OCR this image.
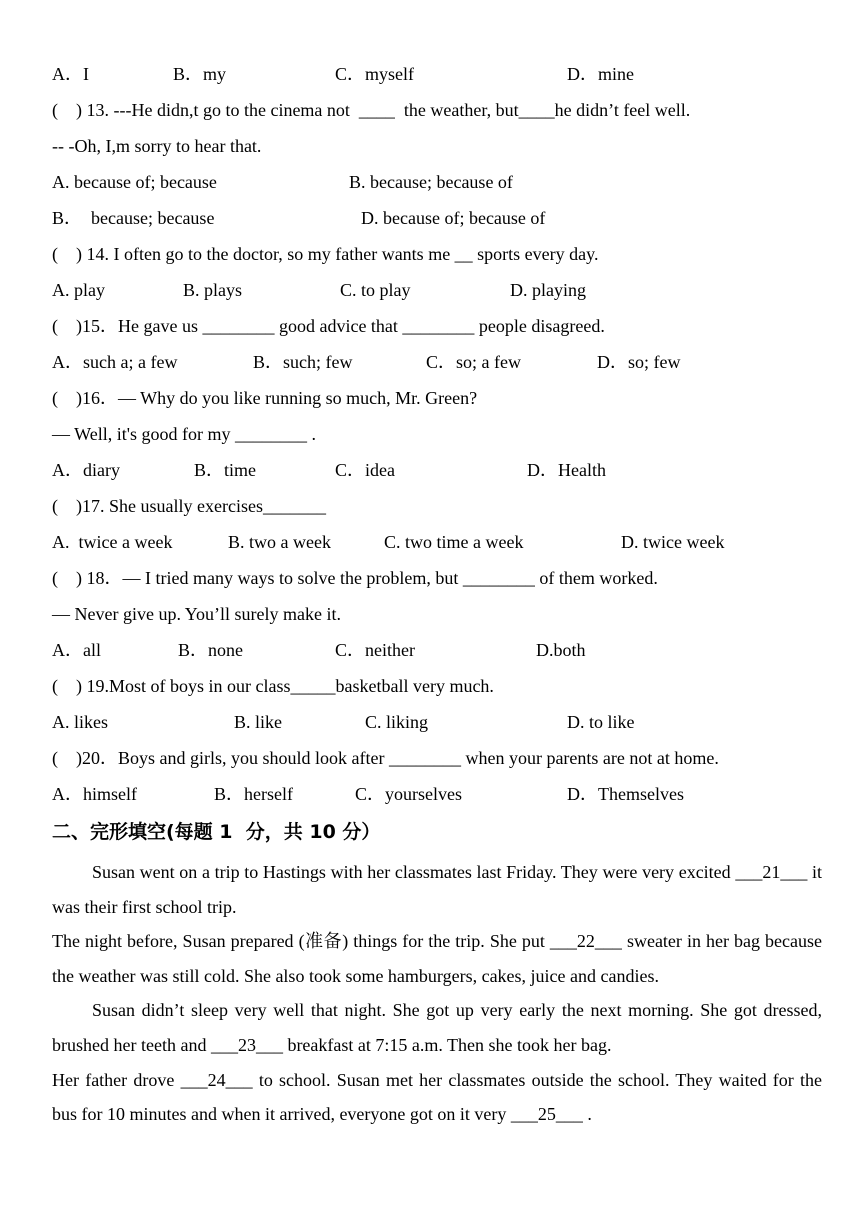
A．I

	B．my

	C．myself

	D．mine

(    ) 13. ---He didn,t go to the cinema not  ____  the weather, but____he didn’t feel well.

-- -Oh, I,m sorry to hear that.

A. because of; because

	B. because; because of

B．  because; because

	D. because of; because of

(    ) 14. I often go to the doctor, so my father wants me __ sports every day.

A. play

	B. plays

	C. to play

	D. playing

(    )15．He gave us ________ good advice that ________ people disagreed.

A．such a; a few

	B．such; few

	C．so; a few

	D．so; few

(    )16．— Why do you like running so much, Mr. Green?

— Well, it's good for my ________ .

A．diary

	B．time

	C．idea

	D．Health

(    )17. She usually exercises_______

A.  twice a week

	B. two a week

	C. two time a week

	D. twice week

(    ) 18．— I tried many ways to solve the problem, but ________ of them worked.

— Never give up. You’ll surely make it.

A．all

	B．none

	C．neither

	D.both

(    ) 19.Most of boys in our class_____basketball very much.

A. likes

	B. like

	C. liking

	D. to like

(    )20．Boys and girls, you should look after ________ when your parents are not at home.

A．himself

	B．herself

	C．yourselves

	D．Themselves

二、完形填空(每题 1  分，共 10 分）

Susan went on a trip to Hastings with her classmates last Friday. They were very excited ___21___ it was their first school trip.

The night before, Susan prepared (准备) things for the trip. She put ___22___ sweater in her bag because the weather was still cold. She also took some hamburgers, cakes, juice and candies.

Susan didn’t sleep very well that night. She got up very early the next morning. She got dressed, brushed her teeth and ___23___ breakfast at 7:15 a.m. Then she took her bag.

Her father drove ___24___ to school. Susan met her classmates outside the school. They waited for the bus for 10 minutes and when it arrived, everyone got on it very ___25___ .
